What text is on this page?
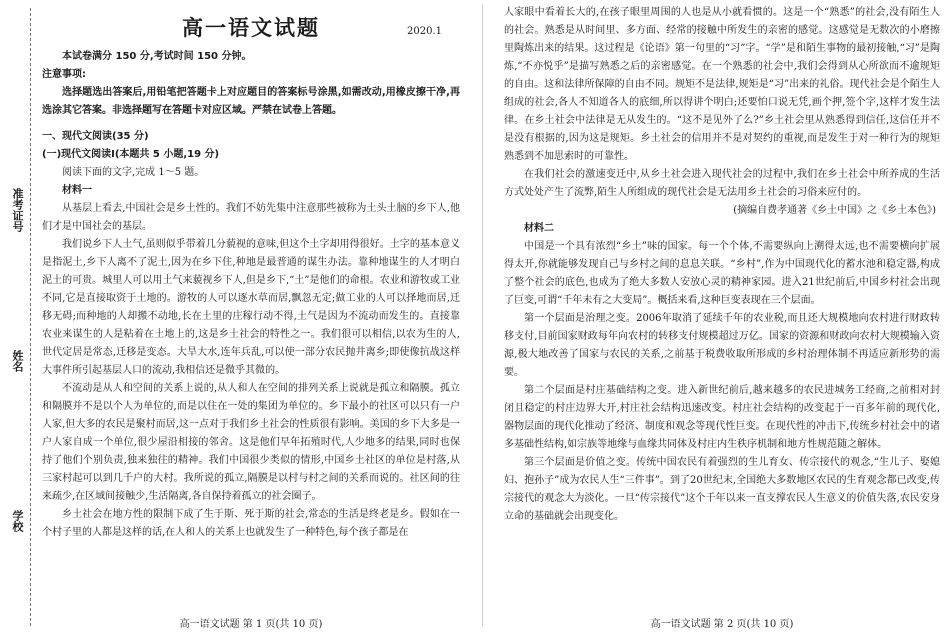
准考证号
姓名
学校
高一语文试题	2020.1

本试卷满分 150 分,考试时间 150 分钟。

注意事项:

选择题选出答案后,用铅笔把答题卡上对应题目的答案标号涂黑,如需改动,用橡皮擦干净,再选涂其它答案。非选择题写在答题卡对应区域。严禁在试卷上答题。

一、现代文阅读(35 分)

(一)现代文阅读Ⅰ(本题共 5 小题,19 分)

阅读下面的文字,完成 1～5 题。

材料一

从基层上看去,中国社会是乡土性的。我们不妨先集中注意那些被称为土头土脑的乡下人,他们才是中国社会的基层。

我们说乡下人土气,虽则似乎带着几分藐视的意味,但这个土字却用得很好。土字的基本意义是指泥土,乡下人离不了泥土,因为在乡下住,种地是最普通的谋生办法。靠种地谋生的人才明白泥土的可贵。城里人可以用土气来藐视乡下人,但是乡下,“土”是他们的命根。农业和游牧或工业不同,它是直接取资于土地的。游牧的人可以逐水草而居,飘忽无定;做工业的人可以择地而居,迁移无碍;而种地的人却搬不动地,长在土里的庄稼行动不得,土气是因为不流动而发生的。直接靠农业来谋生的人是粘着在土地上的,这是乡土社会的特性之一。我们很可以相信,以农为生的人,世代定居是常态,迁移是变态。大旱大水,连年兵乱,可以使一部分农民抛井离乡;即使像抗战这样大事件所引起基层人口的流动,我相信还是微乎其微的。

不流动是从人和空间的关系上说的,从人和人在空间的排列关系上说就是孤立和隔膜。孤立和隔膜并不是以个人为单位的,而是以住在一处的集团为单位的。乡下最小的社区可以只有一户人家,但大多的农民是聚村而居,这一点对于我们乡土社会的性质很有影响。美国的乡下大多是一户人家自成一个单位,很少屋沿相接的邻舍。这是他们早年拓殖时代,人少地多的结果,同时也保持了他们个别负责,独来独往的精神。我们中国很少类似的情形,中国乡土社区的单位是村落,从三家村起可以到几千户的大村。我所说的孤立,隔膜是以村与村之间的关系而说的。社区间的往来疏少,在区域间接触少,生活隔离,各自保持着孤立的社会圈子。

乡土社会在地方性的限制下成了生于斯、死于斯的社会,常态的生活是终老是乡。假如在一个村子里的人都是这样的话,在人和人的关系上也就发生了一种特色,每个孩子都是在

高一语文试题 第 1 页(共 10 页)

人家眼中看着长大的,在孩子眼里周围的人也是从小就看惯的。这是一个“熟悉”的社会,没有陌生人的社会。熟悉是从时间里、多方面、经常的接触中所发生的亲密的感觉。这感觉是无数次的小磨擦里陶炼出来的结果。这过程是《论语》第一句里的“习”字。“学”是和陌生事物的最初接触,“习”是陶炼,“不亦悦乎”是描写熟悉之后的亲密感觉。在一个熟悉的社会中,我们会得到从心所欲而不逾规矩的自由。这和法律所保障的自由不同。规矩不是法律,规矩是“习”出来的礼俗。现代社会是个陌生人组成的社会,各人不知道各人的底细,所以得讲个明白;还要怕口说无凭,画个押,签个字,这样才发生法律。在乡土社会中法律是无从发生的。“这不是见外了么?”乡土社会里从熟悉得到信任,这信任并不是没有根据的,因为这是规矩。乡土社会的信用并不是对契约的重视,而是发生于对一种行为的规矩熟悉到不加思索时的可靠性。

在我们社会的激速变迁中,从乡土社会进入现代社会的过程中,我们在乡土社会中所养成的生活方式处处产生了流弊,陌生人所组成的现代社会是无法用乡土社会的习俗来应付的。

(摘编自费孝通著《乡土中国》之《乡土本色》)

材料二

中国是一个具有浓烈“乡土”味的国家。每一个个体,不需要纵向上溯得太远,也不需要横向扩展得太开,你就能够发现自己与乡村之间的息息关联。“乡村”,作为中国现代化的蓄水池和稳定器,构成了整个社会的底色,也成为了绝大多数人安放心灵的精神家园。进入21世纪前后,中国乡村社会出现了巨变,可谓“千年未有之大变局”。概括来看,这种巨变表现在三个层面。

第一个层面是治理之变。2006年取消了延续千年的农业税,而且还大规模地向农村进行财政转移支付,目前国家财政每年向农村的转移支付规模超过万亿。国家的资源和财政向农村大规模输入资源,极大地改善了国家与农民的关系,之前基于税费收取所形成的乡村治理体制不再适应新形势的需要。

第二个层面是村庄基础结构之变。进入新世纪前后,越来越多的农民进城务工经商,之前相对封闭且稳定的村庄边界大开,村庄社会结构迅速改变。村庄社会结构的改变起于一百多年前的现代化,器物层面的现代化推动了经济、制度和观念等现代性巨变。在现代性的冲击下,传统乡村社会中的诸多基础性结构,如宗族等地缘与血缘共同体及村庄内生秩序机制和地方性规范随之解体。

第三个层面是价值之变。传统中国农民有着强烈的生儿育女、传宗接代的观念,“生儿子、娶媳妇、抱孙子”成为农民人生“三件事”。到了20世纪末,全国绝大多数地区农民的生育观念都已改变,传宗接代的观念大为淡化。一旦“传宗接代”这个千年以来一直支撑农民人生意义的价值失落,农民安身立命的基础就会出现变化。

高一语文试题 第 2 页(共 10 页)
